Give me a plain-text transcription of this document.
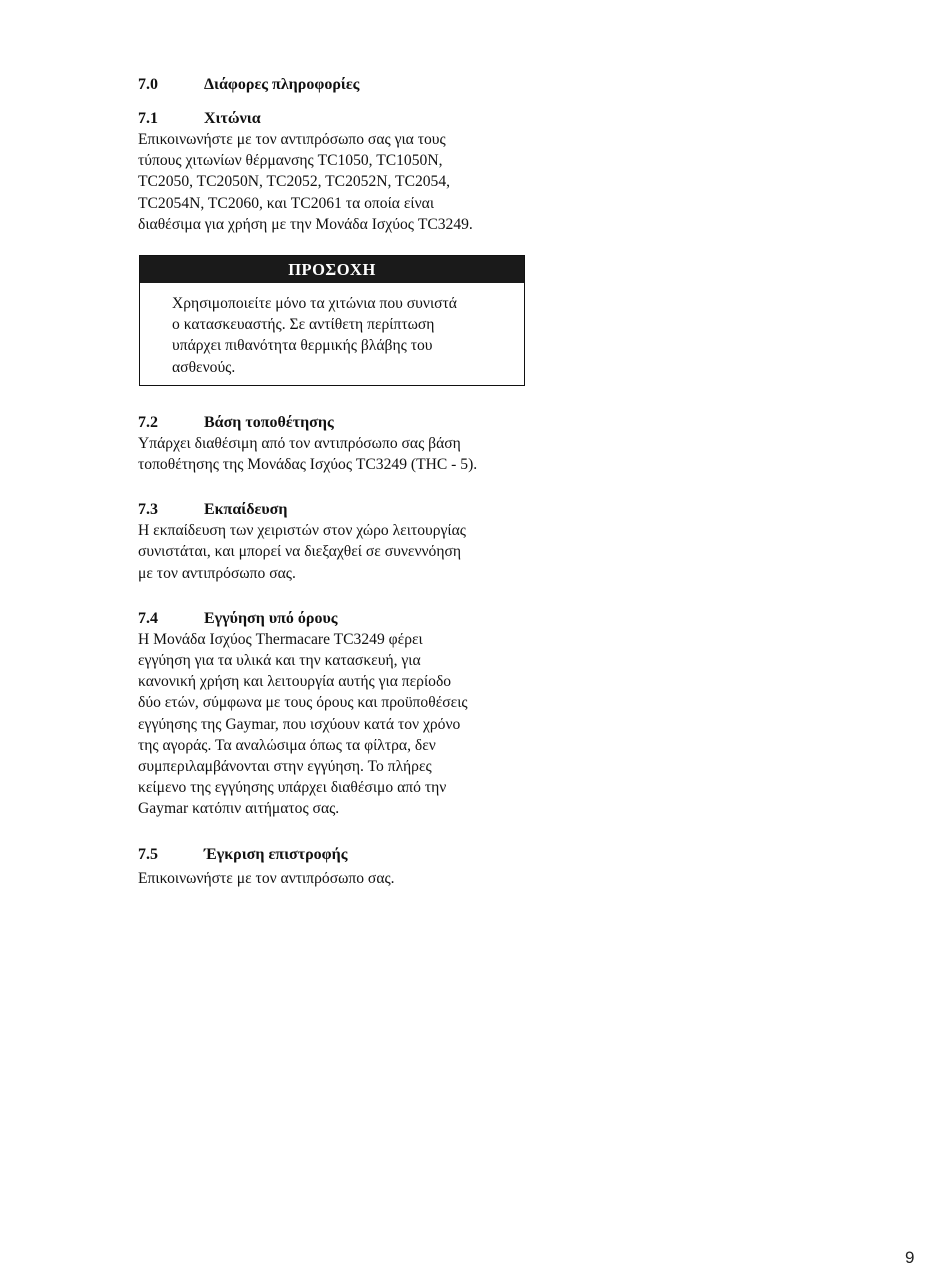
7.0	Διάφορες πληροφορίες
7.1	Χιτώνια

Επικοινωνήστε με τον αντιπρόσωπο σας για τους
τύπους χιτωνίων θέρμανσης TC1050, TC1050N,
TC2050, TC2050N, TC2052, TC2052N, TC2054,
TC2054N, TC2060, και TC2061 τα οποία είναι
διαθέσιμα για χρήση με την Μονάδα Ισχύος TC3249.

ΠΡΟΣΟΧΗ
Χρησιμοποιείτε μόνο τα χιτώνια που συνιστά
ο κατασκευαστής. Σε αντίθετη περίπτωση
υπάρχει πιθανότητα θερμικής βλάβης του
ασθενούς.
7.2	Βάση τοποθέτησης

Υπάρχει διαθέσιμη από τον αντιπρόσωπο σας βάση
τοποθέτησης της Μονάδας Ισχύος TC3249 (THC - 5).

7.3	Εκπαίδευση

Η εκπαίδευση των χειριστών στον χώρο λειτουργίας
συνιστάται, και μπορεί να διεξαχθεί σε συνεννόηση
με τον αντιπρόσωπο σας.

7.4	Εγγύηση υπό όρους

Η Μονάδα Ισχύος Thermacare TC3249 φέρει
εγγύηση για τα υλικά και την κατασκευή, για
κανονική χρήση και λειτουργία αυτής για περίοδο
δύο ετών, σύμφωνα με τους όρους και προϋποθέσεις
εγγύησης της Gaymar, που ισχύουν κατά τον χρόνο
της αγοράς. Τα αναλώσιμα όπως τα φίλτρα, δεν
συμπεριλαμβάνονται στην εγγύηση. Το πλήρες
κείμενο της εγγύησης υπάρχει διαθέσιμο από την
Gaymar κατόπιν αιτήματος σας.

7.5	Έγκριση επιστροφής

Επικοινωνήστε με τον αντιπρόσωπο σας.

9
